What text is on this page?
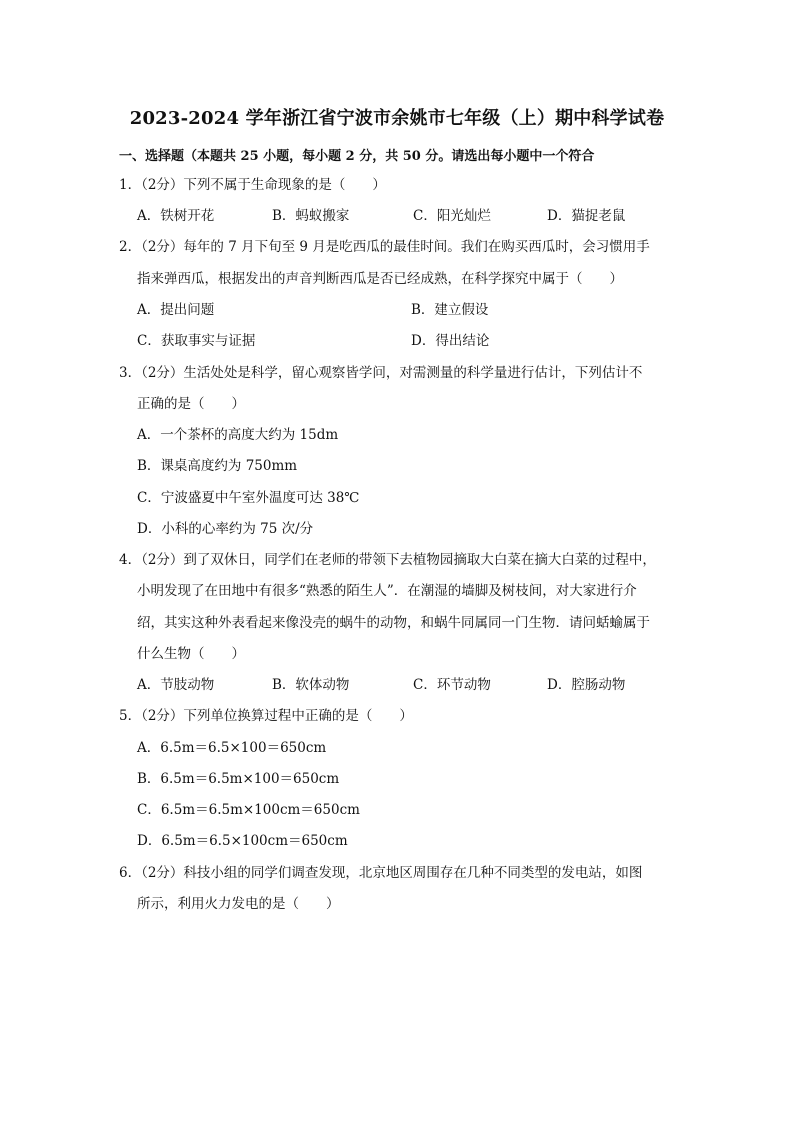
2023-2024 学年浙江省宁波市余姚市七年级（上）期中科学试卷
一、选择题（本题共 25 小题，每小题 2 分，共 50 分。请选出每小题中一个符合
1．（2分）下列不属于生命现象的是（　　）
A．铁树开花	B．蚂蚁搬家	C．阳光灿烂	D．猫捉老鼠
2．（2分）每年的 7 月下旬至 9 月是吃西瓜的最佳时间。我们在购买西瓜时，会习惯用手
指来弹西瓜，根据发出的声音判断西瓜是否已经成熟，在科学探究中属于（　　）
A．提出问题	B．建立假设
C．获取事实与证据	D．得出结论
3．（2分）生活处处是科学，留心观察皆学问，对需测量的科学量进行估计，下列估计不
正确的是（　　）
A．一个茶杯的高度大约为 15dm
B．课桌高度约为 750mm
C．宁波盛夏中午室外温度可达 38℃
D．小科的心率约为 75 次/分
4．（2分）到了双休日，同学们在老师的带领下去植物园摘取大白菜在摘大白菜的过程中，
小明发现了在田地中有很多“熟悉的陌生人”．在潮湿的墙脚及树枝间，对大家进行介
绍，其实这种外表看起来像没壳的蜗牛的动物，和蜗牛同属同一门生物．请问蛞蝓属于
什么生物（　　）
A．节肢动物	B．软体动物	C．环节动物	D．腔肠动物
5．（2分）下列单位换算过程中正确的是（　　）
A．6.5m＝6.5×100＝650cm
B．6.5m＝6.5m×100＝650cm
C．6.5m＝6.5m×100cm＝650cm
D．6.5m＝6.5×100cm＝650cm
6．（2分）科技小组的同学们调查发现，北京地区周围存在几种不同类型的发电站，如图
所示，利用火力发电的是（　　）
